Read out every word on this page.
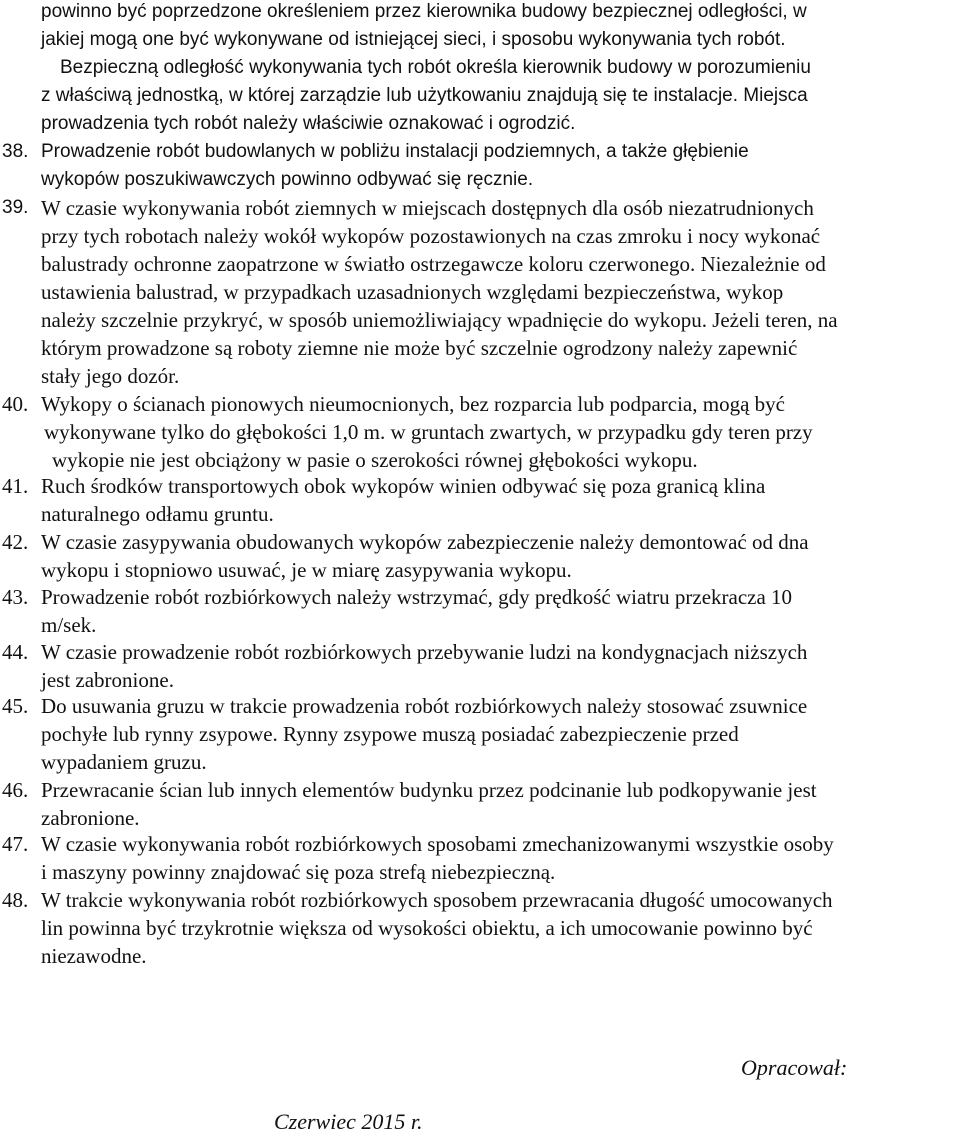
powinno być poprzedzone określeniem przez kierownika budowy bezpiecznej odległości, w
jakiej mogą one być wykonywane od istniejącej sieci, i sposobu wykonywania tych robót.
Bezpieczną odległość wykonywania tych robót określa kierownik budowy w porozumieniu
z właściwą jednostką, w której zarządzie lub użytkowaniu znajdują się te instalacje. Miejsca
prowadzenia tych robót należy właściwie oznakować i ogrodzić.
38. Prowadzenie robót budowlanych w pobliżu instalacji podziemnych, a także głębienie
wykopów poszukiwawczych powinno odbywać się ręcznie.
39. W czasie wykonywania robót ziemnych w miejscach dostępnych dla osób niezatrudnionych
przy tych robotach należy wokół wykopów pozostawionych na czas zmroku i nocy wykonać
balustrady ochronne zaopatrzone w światło ostrzegawcze koloru czerwonego. Niezależnie od
ustawienia balustrad, w przypadkach uzasadnionych względami bezpieczeństwa, wykop
należy szczelnie przykryć, w sposób uniemożliwiający wpadnięcie do wykopu. Jeżeli teren, na
którym prowadzone są roboty ziemne nie może być szczelnie ogrodzony należy zapewnić
stały jego dozór.
40. Wykopy o ścianach pionowych nieumocnionych, bez rozparcia lub podparcia, mogą być
wykonywane tylko do głębokości 1,0 m. w gruntach zwartych, w przypadku gdy teren przy
wykopie nie jest obciążony w pasie o szerokości równej głębokości wykopu.
41. Ruch środków transportowych obok wykopów winien odbywać się poza granicą klina
naturalnego odłamu gruntu.
42. W czasie zasypywania obudowanych wykopów zabezpieczenie należy demontować od dna
wykopu i stopniowo usuwać, je w miarę zasypywania wykopu.
43. Prowadzenie robót rozbiórkowych należy wstrzymać, gdy prędkość wiatru przekracza 10
m/sek.
44. W czasie prowadzenie robót rozbiórkowych przebywanie ludzi na kondygnacjach niższych
jest zabronione.
45. Do usuwania gruzu w trakcie prowadzenia robót rozbiórkowych należy stosować zsuwnice
pochyłe lub rynny zsypowe. Rynny zsypowe muszą posiadać zabezpieczenie przed
wypadaniem gruzu.
46. Przewracanie ścian lub innych elementów budynku przez podcinanie lub podkopywanie jest
zabronione.
47. W czasie wykonywania robót rozbiórkowych sposobami zmechanizowanymi wszystkie osoby
i maszyny powinny znajdować się poza strefą niebezpieczną.
48. W trakcie wykonywania robót rozbiórkowych sposobem przewracania długość umocowanych
lin powinna być trzykrotnie większa od wysokości obiektu, a ich umocowanie powinno być
niezawodne.
Opracował:
Czerwiec 2015 r.
